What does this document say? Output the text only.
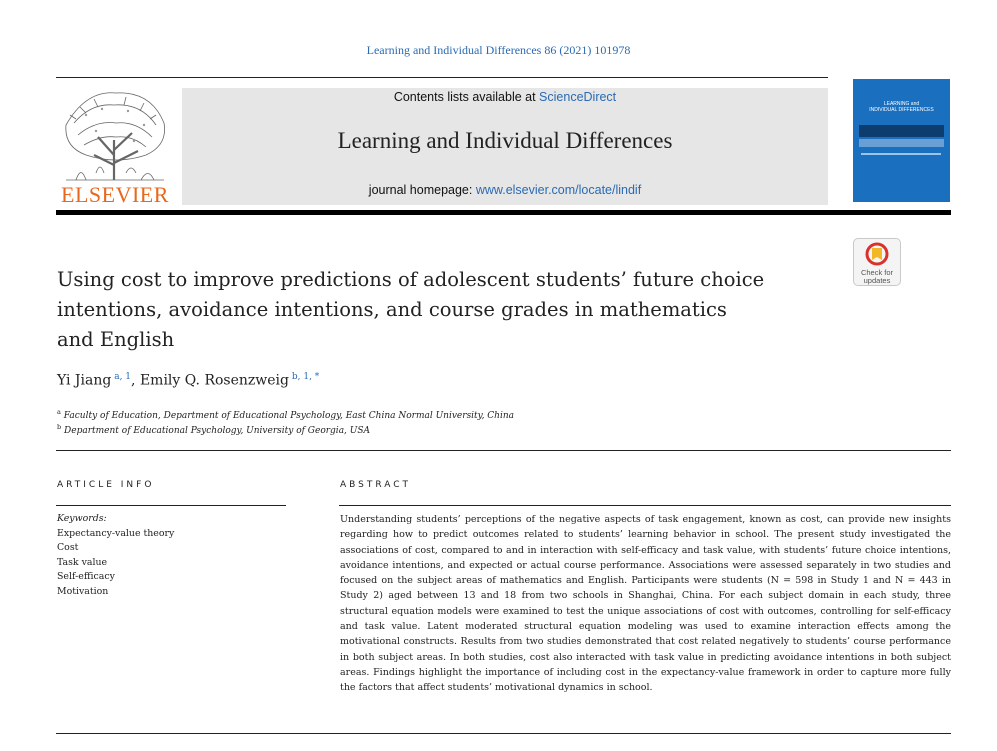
Learning and Individual Differences 86 (2021) 101978
ELSEVIER
Contents lists available at ScienceDirect
Learning and Individual Differences
journal homepage: www.elsevier.com/locate/lindif
LEARNING and
INDIVIDUAL DIFFERENCES
Check for
updates
Using cost to improve predictions of adolescent students’ future choice
intentions, avoidance intentions, and course grades in mathematics
and English
Yi Jiang $^{a, 1}$, Emily Q. Rosenzweig $^{b, 1, *}$
$^a$ Faculty of Education, Department of Educational Psychology, East China Normal University, China
$^b$ Department of Educational Psychology, University of Georgia, USA
ARTICLE INFO	ABSTRACT
Keywords:
Expectancy-value theory
Cost
Task value
Self-efficacy
Motivation
Understanding students’ perceptions of the negative aspects of task engagement, known as cost, can provide new insights regarding how to predict outcomes related to students’ learning behavior in school. The present study investigated the associations of cost, compared to and in interaction with self-efficacy and task value, with students’ future choice intentions, avoidance intentions, and expected or actual course performance. Associations were assessed separately in two studies and focused on the subject areas of mathematics and English. Participants were students (N = 598 in Study 1 and N = 443 in Study 2) aged between 13 and 18 from two schools in Shanghai, China. For each subject domain in each study, three structural equation models were examined to test the unique associations of cost with outcomes, controlling for self-efficacy and task value. Latent moderated structural equation modeling was used to examine interaction effects among the motivational constructs. Results from two studies demonstrated that cost related negatively to students’ course performance in both subject areas. In both studies, cost also interacted with task value in predicting avoidance intentions in both subject areas. Findings highlight the importance of including cost in the expectancy-value framework in order to capture more fully the factors that affect students’ motivational dynamics in school.
